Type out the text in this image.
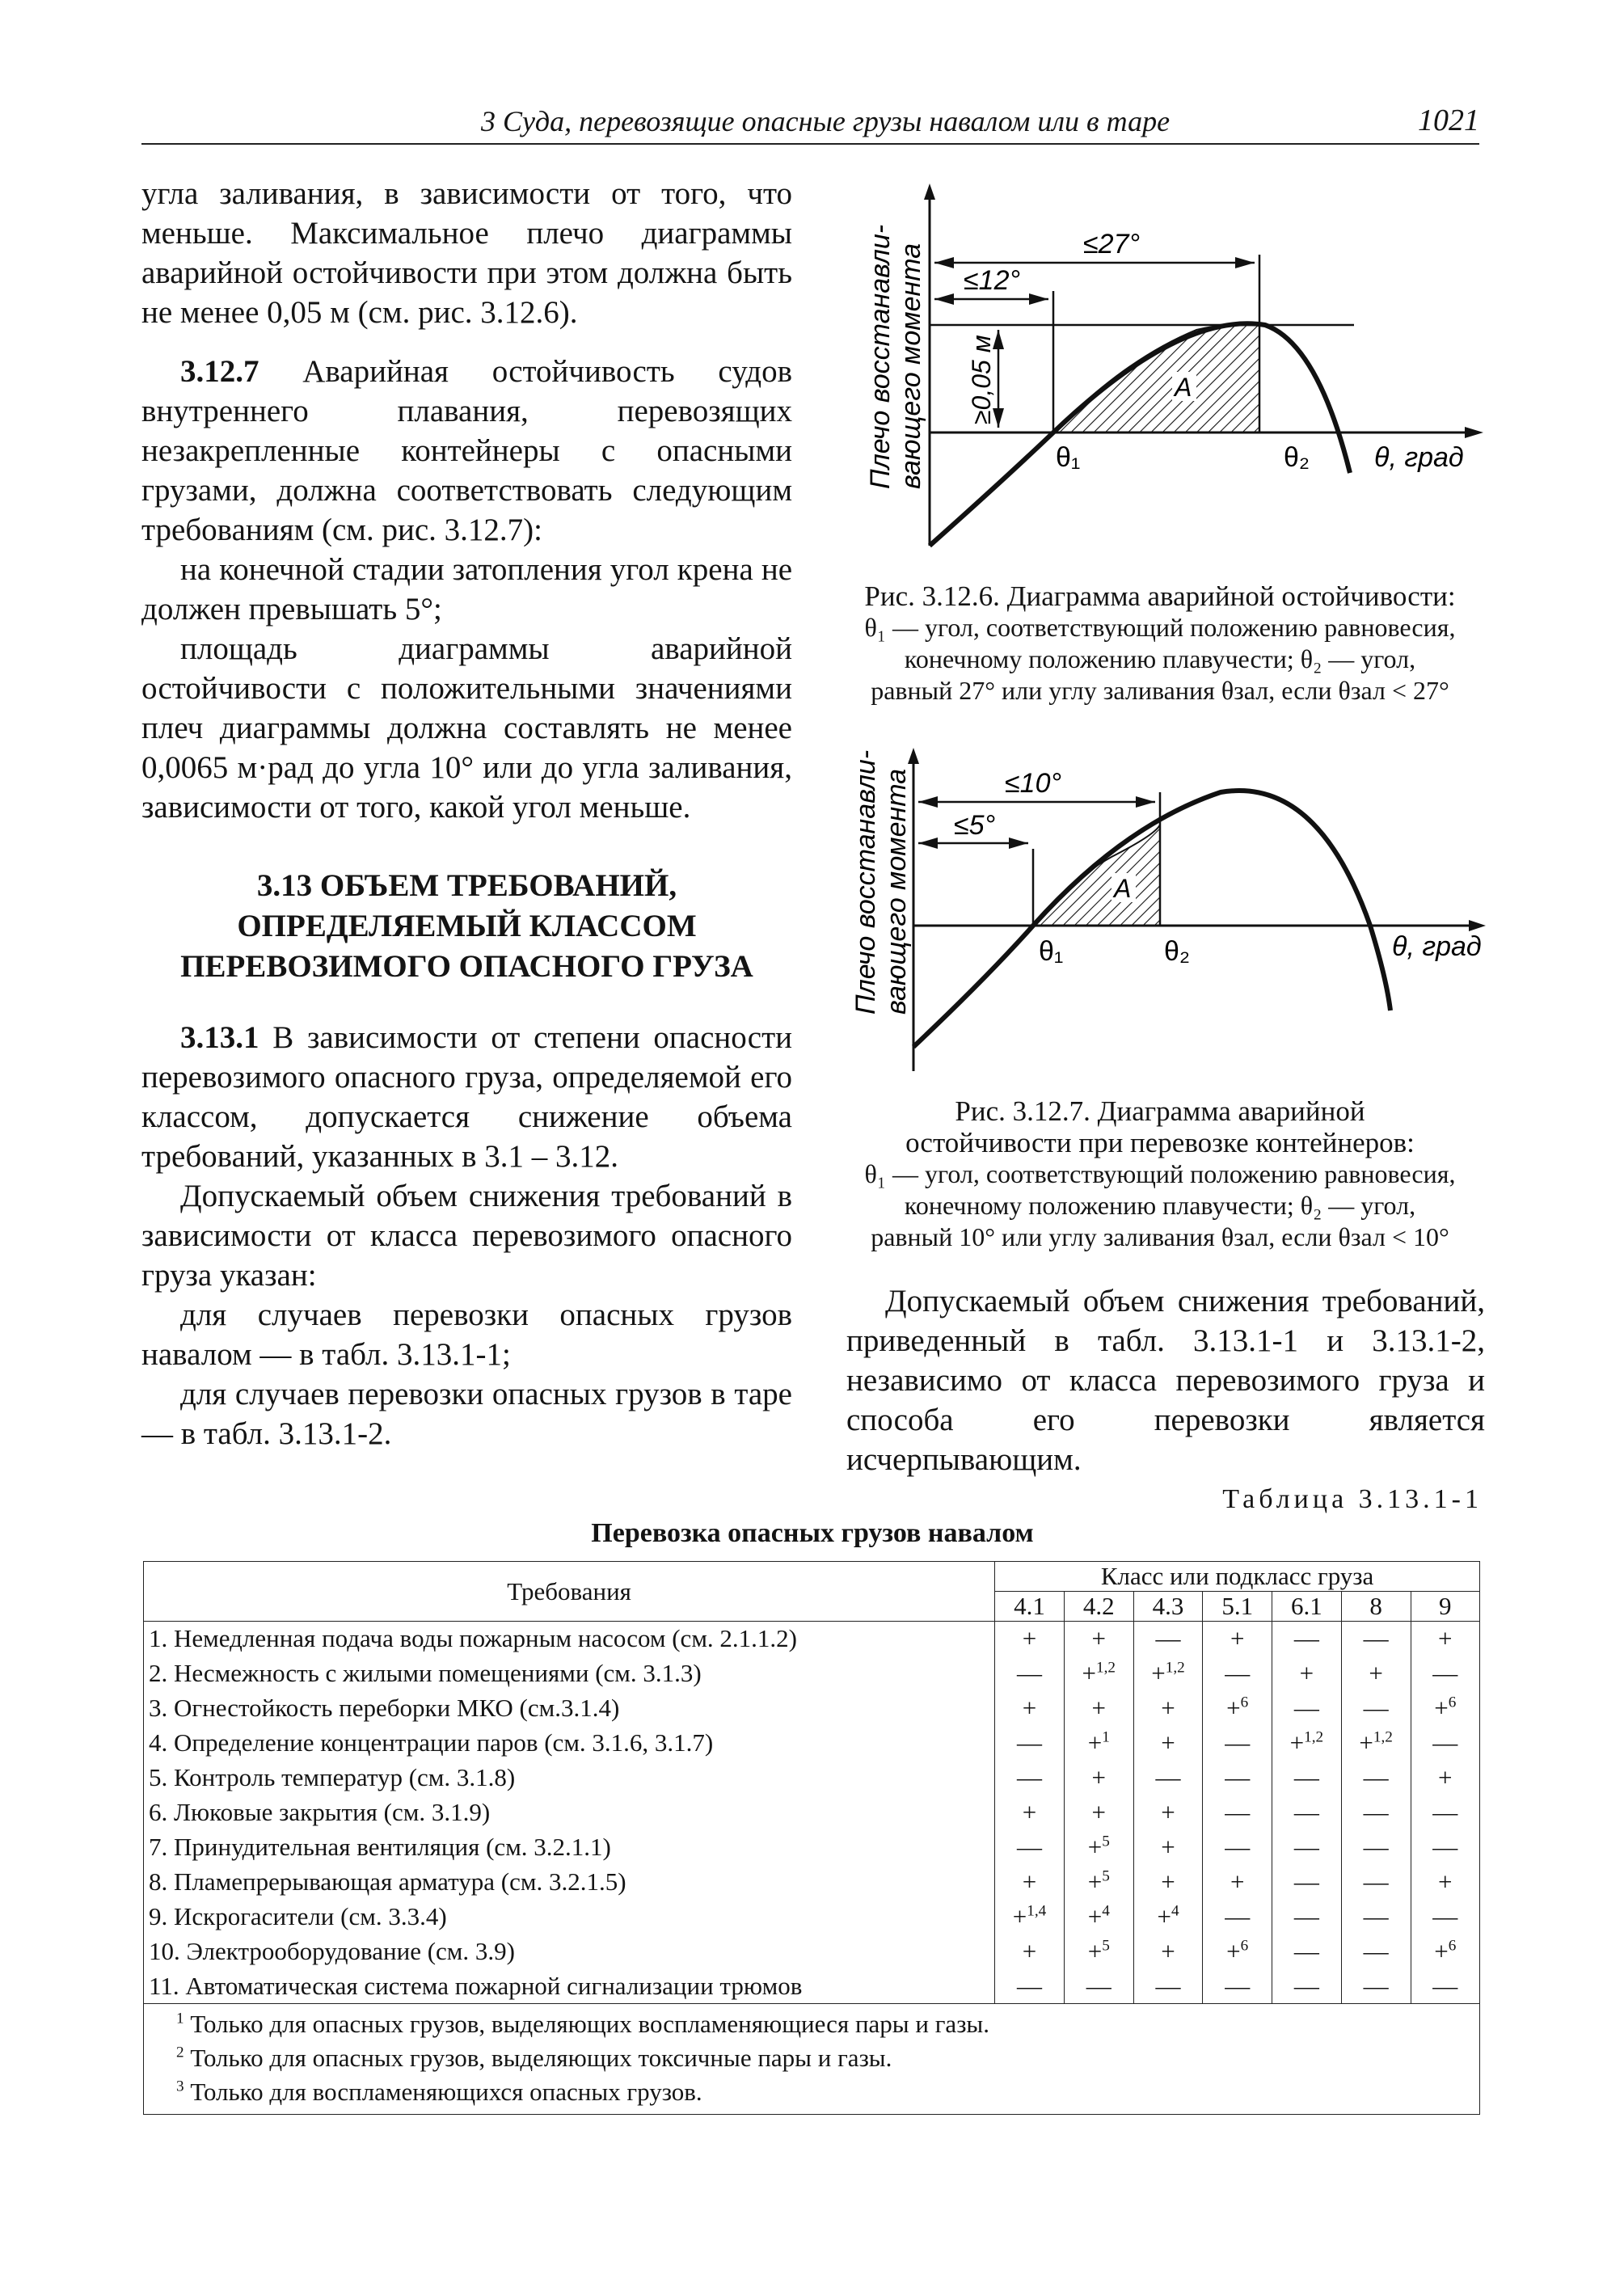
3 Суда, перевозящие опасные грузы навалом или в таре	1021

угла заливания, в зависимости от того, что меньше. Максимальное плечо диаграммы аварийной остойчивости при этом должна быть не менее 0,05 м (см. рис. 3.12.6).

3.12.7 Аварийная остойчивость судов внутреннего плавания, перевозящих незакрепленные контейнеры с опасными грузами, должна соответствовать следующим требованиям (см. рис. 3.12.7):

на конечной стадии затопления угол крена не должен превышать 5°;

площадь диаграммы аварийной остойчивости с положительными значениями плеч диаграммы должна составлять не менее 0,0065 м·рад до угла 10° или до угла заливания, зависимости от того, какой угол меньше.

3.13 ОБЪЕМ ТРЕБОВАНИЙ, ОПРЕДЕЛЯЕМЫЙ КЛАССОМ ПЕРЕВОЗИМОГО ОПАСНОГО ГРУЗА

3.13.1 В зависимости от степени опасности перевозимого опасного груза, определяемой его классом, допускается снижение объема требований, указанных в 3.1 – 3.12.

Допускаемый объем снижения требований в зависимости от класса перевозимого опасного груза указан:

для случаев перевозки опасных грузов навалом — в табл. 3.13.1-1;

для случаев перевозки опасных грузов в таре — в табл. 3.13.1-2.

≤27°
≤12°
≥0,05 м	A
Плечо восстанавли- вающего момента	θ₁	θ₂ θ, град
Рис. 3.12.6. Диаграмма аварийной остойчивости:
θ₁ — угол, соответствующий положению равновесия,
конечному положению плавучести; θ₂ — угол,
равный 27° или углу заливания θзал, если θзал < 27°
≤10°
≤5°
A
Плечо восстанавли- вающего момента	θ₁	θ₂	θ, град
Рис. 3.12.7. Диаграмма аварийной
остойчивости при перевозке контейнеров:
θ₁ — угол, соответствующий положению равновесия,
конечному положению плавучести; θ₂ — угол,
равный 10° или углу заливания θзал, если θзал < 10°

Допускаемый объем снижения требований, приведенный в табл. 3.13.1-1 и 3.13.1-2, независимо от класса перевозимого груза и способа его перевозки является исчерпывающим.

Таблица 3.13.1-1
Перевозка опасных грузов навалом
Требования	Класс или подкласс груза						
	4.1	4.2	4.3	5.1	6.1	8	9
1. Немедленная подача воды пожарным насосом (см. 2.1.1.2)	+	+	—	+	—	—	+
2. Несмежность с жилыми помещениями (см. 3.1.3)	—	+$^{1,2}$	+$^{1,2}$	—	+	+	—
3. Огнестойкость переборки МКО (см.3.1.4)	+	+	+	+$^6$	—	—	+$^6$
4. Определение концентрации паров (см. 3.1.6, 3.1.7)	—	+$^1$	+	—	+$^{1,2}$	+$^{1,2}$	—
5. Контроль температур (см. 3.1.8)	—	+	—	—	—	—	+
6. Люковые закрытия (см. 3.1.9)	+	+	+	—	—	—	—
7. Принудительная вентиляция (см. 3.2.1.1)	—	+$^5$	+	—	—	—	—
8. Пламепрерывающая арматура (см. 3.2.1.5)	+	+$^5$	+	+	—	—	+
9. Искрогасители (см. 3.3.4)	+$^{1,4}$	+$^4$	+$^4$	—	—	—	—
10. Электрооборудование (см. 3.9)	+	+$^5$	+	+$^6$	—	—	+$^6$
11. Автоматическая система пожарной сигнализации трюмов	—	—	—	—	—	—	—

$^1$ Только для опасных грузов, выделяющих воспламеняющиеся пары и газы.
$^2$ Только для опасных грузов, выделяющих токсичные пары и газы.
$^3$ Только для воспламеняющихся опасных грузов.							
